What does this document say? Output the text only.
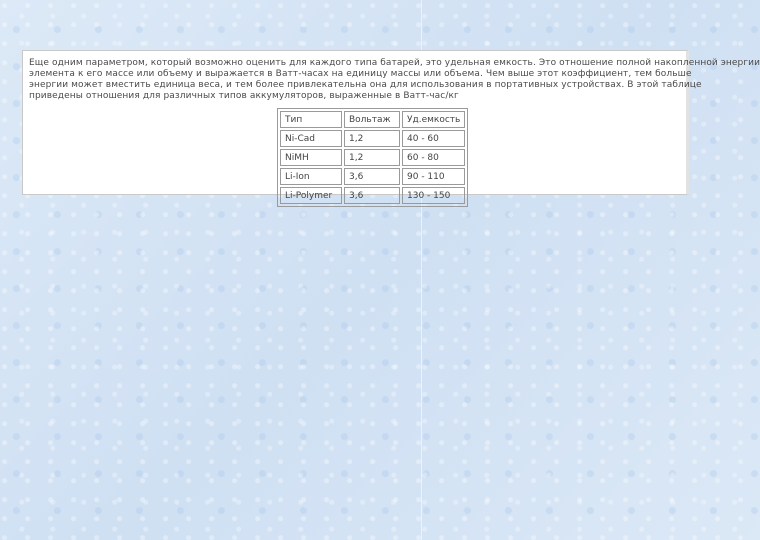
Еще одним параметром, который возможно оценить для каждого типа батарей, это удельная емкость. Это отношение полной накопленной энергии
элемента к его массе или объему и выражается в Ватт-часах на единицу массы или объема. Чем выше этот коэффициент, тем больше
энергии может вместить единица веса, и тем более привлекательна она для использования в портативных устройствах. В этой таблице
приведены отношения для различных типов аккумуляторов, выраженные в Ватт-час/кг

Тип	Вольтаж	Уд.емкость
Ni-Cad	1,2	40 - 60
NiMH	1,2	60 - 80
Li-Ion	3,6	90 - 110
Li-Polymer	3,6	130 - 150
